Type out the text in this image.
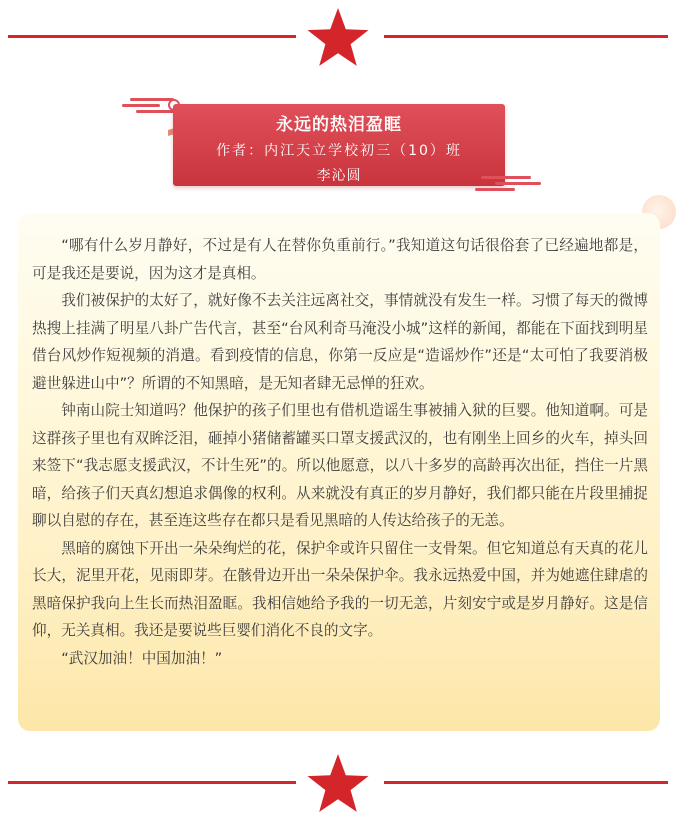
永远的热泪盈眶
作者：内江天立学校初三（10）班
李沁圆

“哪有什么岁月静好，不过是有人在替你负重前行。”我知道这句话很俗套了已经遍地都是，可是我还是要说，因为这才是真相。

我们被保护的太好了，就好像不去关注远离社交，事情就没有发生一样。习惯了每天的微博热搜上挂满了明星八卦广告代言，甚至“台风利奇马淹没小城”这样的新闻，都能在下面找到明星借台风炒作短视频的消遣。看到疫情的信息，你第一反应是“造谣炒作”还是“太可怕了我要消极避世躲进山中”？所谓的不知黑暗，是无知者肆无忌惮的狂欢。

钟南山院士知道吗？他保护的孩子们里也有借机造谣生事被捕入狱的巨婴。他知道啊。可是这群孩子里也有双眸泛泪，砸掉小猪储蓄罐买口罩支援武汉的，也有刚坐上回乡的火车，掉头回来签下“我志愿支援武汉，不计生死”的。所以他愿意，以八十多岁的高龄再次出征，挡住一片黑暗，给孩子们天真幻想追求偶像的权利。从来就没有真正的岁月静好，我们都只能在片段里捕捉聊以自慰的存在，甚至连这些存在都只是看见黑暗的人传达给孩子的无恙。

黑暗的腐蚀下开出一朵朵绚烂的花，保护伞或许只留住一支骨架。但它知道总有天真的花儿长大，泥里开花，见雨即芽。在骸骨边开出一朵朵保护伞。我永远热爱中国，并为她遮住肆虐的黑暗保护我向上生长而热泪盈眶。我相信她给予我的一切无恙，片刻安宁或是岁月静好。这是信仰，无关真相。我还是要说些巨婴们消化不良的文字。

“武汉加油！中国加油！”
